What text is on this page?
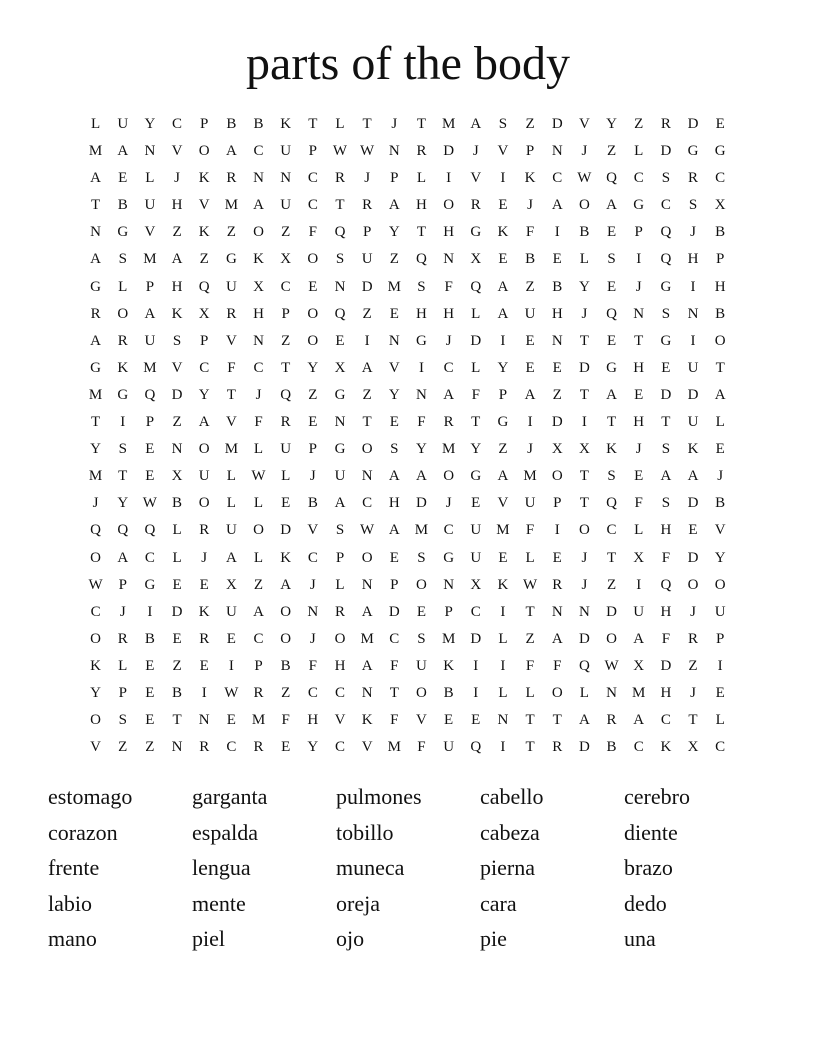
parts of the body
L	U	Y	C	P	B	B	K	T	L	T	J	T	M	A	S	Z	D	V	Y	Z	R	D	E
M	A	N	V	O	A	C	U	P	W W N	R	D	J	V	P	N	J	Z	L	D	G	G
A	E	L	J	K	R	N	N	C	R	J	P	L	I	V	I	K	C	W Q	C	S	R	C
T	B	U	H	V	M	A	U	C	T	R	A	H	O	R	E	J	A	O	A	G	C	S	X
N	G	V	Z	K	Z	O	Z	F	Q	P	Y	T	H	G	K	F	I	B	E	P	Q	J	B
A	S	M	A	Z	G	K	X	O	S	U	Z	Q	N	X	E	B	E	L	S	I	Q	H	P
G	L	P	H	Q	U	X	C	E	N	D	M	S	F	Q	A	Z	B	Y	E	J	G	I	H
R	O	A	K	X	R	H	P	O	Q	Z	E	H	H	L	A	U	H	J	Q	N	S	N	B
A	R	U	S	P	V	N	Z	O	E	I	N	G	J	D	I	E	N	T	E	T	G	I	O
G	K	M	V	C	F	C	T	Y	X	A	V	I	C	L	Y	E	E	D	G	H	E	U	T
M	G	Q	D	Y	T	J	Q	Z	G	Z	Y	N	A	F	P	A	Z	T	A	E	D	D	A
T	I	P	Z	A	V	F	R	E	N	T	E	F	R	T	G	I	D	I	T	H	T	U	L
Y	S	E	N	O	M	L	U	P	G	O	S	Y	M	Y	Z	J	X	X	K	J	S	K	E
M	T	E	X	U	L	W	L	J	U	N	A	A	O	G	A	M	O	T	S	E	A	A	J
J	Y W	B	O	L	L	E	B	A	C	H	D	J	E	V	U	P	T	Q	F	S	D	B
Q	Q	Q	L	R	U	O	D	V	S	W A	M	C	U	M	F	I	O	C	L	H	E	V
O	A	C	L	J	A	L	K	C	P	O	E	S	G	U	E	L	E	J	T	X	F	D	Y
W	P	G	E	E	X	Z	A	J	L	N	P	O	N	X	K W	R	J	Z	I	Q	O	O
C	J	I	D	K	U	A	O	N	R	A	D	E	P	C	I	T	N	N	D	U	H	J	U
O	R	B	E	R	E	C	O	J	O	M	C	S	M	D	L	Z	A	D	O	A	F	R	P
K	L	E	Z	E	I	P	B	F	H	A	F	U	K	I	I	F	F	Q W X	D	Z	I
Y	P	E	B	I	W	R	Z	C	C	N	T	O	B	I	L	L	O	L	N	M	H	J	E
O	S	E	T	N	E	M	F	H	V	K	F	V	E	E	N	T	T	A	R	A	C	T	L
V	Z	Z	N	R	C	R	E	Y	C	V	M	F	U	Q	I	T	R	D	B	C	K	X	C
estomago	garganta	pulmones	cabello	cerebro
corazon	espalda	tobillo	cabeza	diente
frente	lengua	muneca	pierna	brazo
labio	mente	oreja	cara	dedo
mano	piel	ojo	pie	una
